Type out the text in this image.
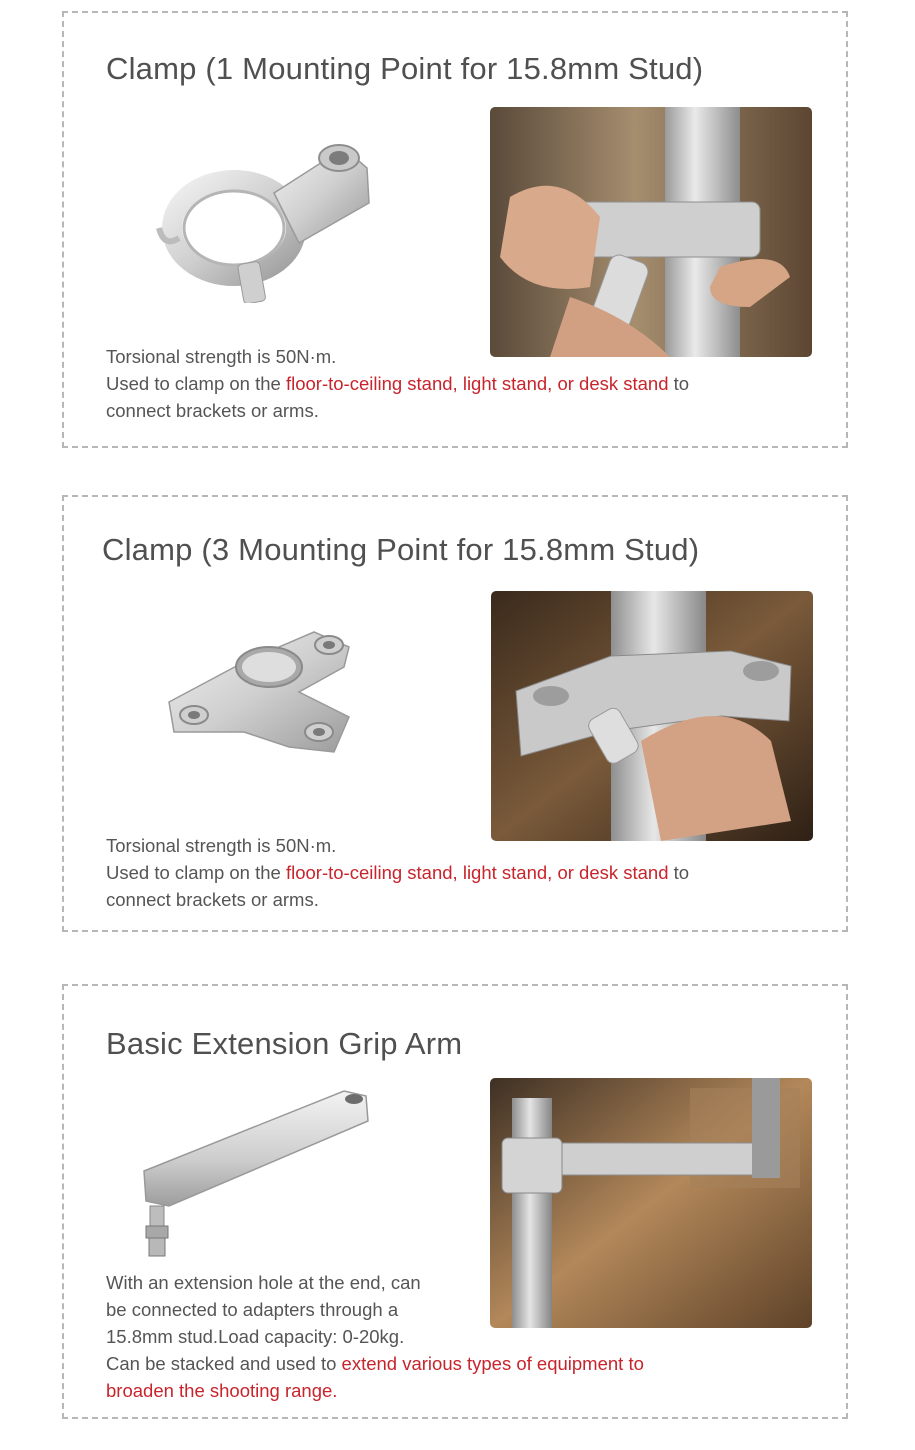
Clamp (1 Mounting Point for 15.8mm Stud)

Torsional strength is 50N·m.

Used to clamp on the floor-to-ceiling stand, light stand, or desk stand to

connect brackets or arms.

Clamp (3 Mounting Point for 15.8mm Stud)

Torsional strength is 50N·m.

Used to clamp on the floor-to-ceiling stand, light stand, or desk stand to

connect brackets or arms.

Basic Extension Grip Arm

With an extension hole at the end, can

be connected to adapters through a

15.8mm stud.Load capacity: 0-20kg.

Can be stacked and used to extend various types of equipment to

broaden the shooting range.
